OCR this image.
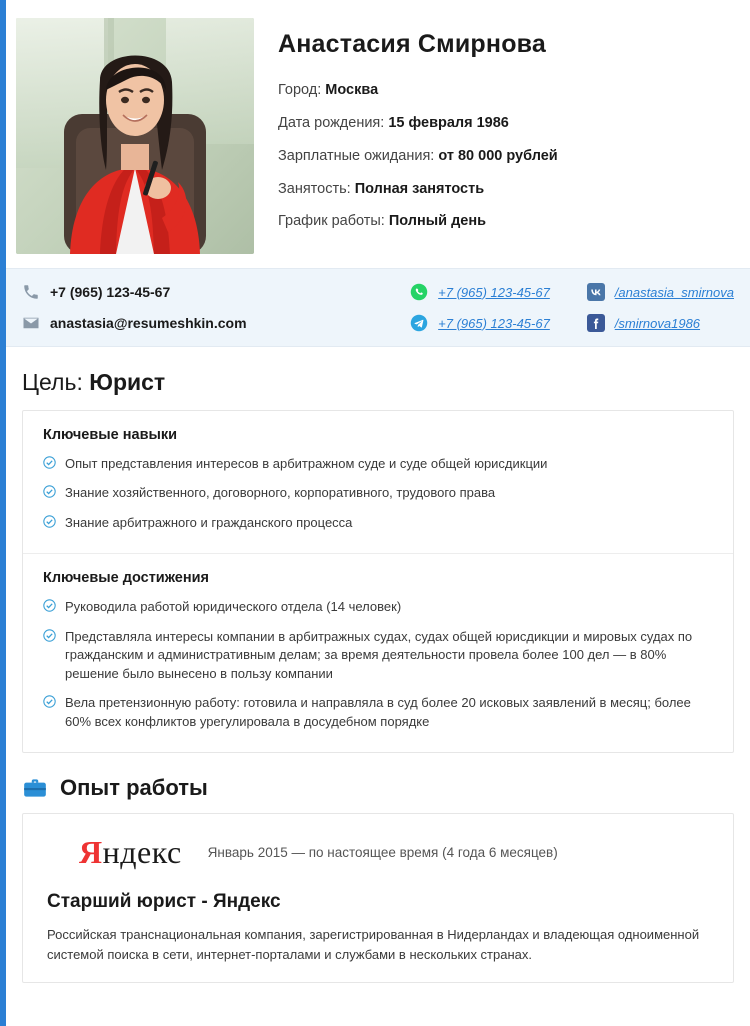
Анастасия Смирнова
Город: Москва
Дата рождения: 15 февраля 1986
Зарплатные ожидания: от 80 000 рублей
Занятость: Полная занятость
График работы: Полный день
+7 (965) 123-45-67
anastasia@resumeshkin.com
+7 (965) 123-45-67
+7 (965) 123-45-67
/anastasia_smirnova
/smirnova1986
Цель: Юрист
Ключевые навыки
Опыт представления интересов в арбитражном суде и суде общей юрисдикции
Знание хозяйственного, договорного, корпоративного, трудового права
Знание арбитражного и гражданского процесса
Ключевые достижения
Руководила работой юридического отдела (14 человек)
Представляла интересы компании в арбитражных судах, судах общей юрисдикции и мировых судах по гражданским и административным делам; за время деятельности провела более 100 дел — в 80% решение было вынесено в пользу компании
Вела претензионную работу: готовила и направляла в суд более 20 исковых заявлений в месяц; более 60% всех конфликтов урегулировала в досудебном порядке
Опыт работы
Яндекс Январь 2015 — по настоящее время (4 года 6 месяцев)
Старший юрист - Яндекс

Российская транснациональная компания, зарегистрированная в Нидерландах и владеющая одноименной системой поиска в сети, интернет-порталами и службами в нескольких странах.
